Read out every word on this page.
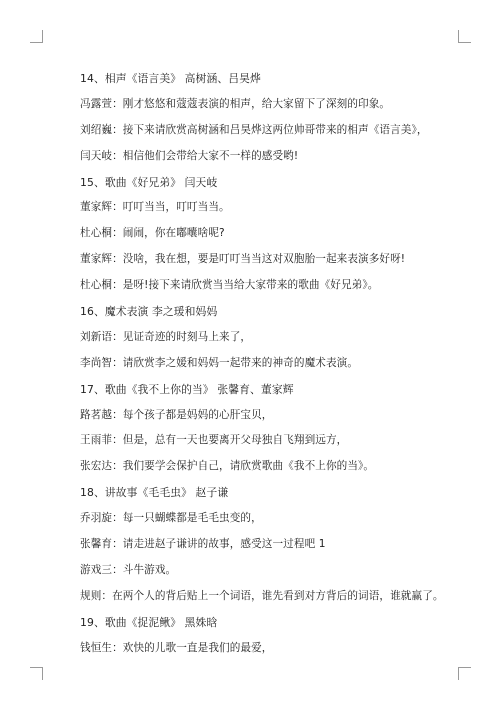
14、相声《语言美》 高树涵、吕昊烨
冯露萱：刚才悠悠和蔻蔻表演的相声，给大家留下了深刻的印象。
刘绍巍：接下来请欣赏高树涵和吕昊烨这两位帅哥带来的相声《语言美》，
闫天岐：相信他们会带给大家不一样的感受哟!
15、歌曲《好兄弟》 闫天岐
董家辉：叮叮当当，叮叮当当。
杜心桐：闹闹，你在嘟囔啥呢?
董家辉：没啥，我在想，要是叮叮当当这对双胞胎一起来表演多好呀!
杜心桐：是呀!接下来请欣赏当当给大家带来的歌曲《好兄弟》。
16、魔术表演 李之瑗和妈妈
刘新语：见证奇迹的时刻马上来了，
李尚智：请欣赏李之媛和妈妈一起带来的神奇的魔术表演。
17、歌曲《我不上你的当》 张馨育、董家辉
路茗越：每个孩子都是妈妈的心肝宝贝，
王雨菲：但是，总有一天也要离开父母独自飞翔到远方，
张宏达：我们要学会保护自己，请欣赏歌曲《我不上你的当》。
18、讲故事《毛毛虫》 赵子谦
乔羽旋：每一只蝴蝶都是毛毛虫变的，
张馨育：请走进赵子谦讲的故事，感受这一过程吧 1
游戏三：斗牛游戏。
规则：在两个人的背后贴上一个词语，谁先看到对方背后的词语，谁就赢了。
19、歌曲《捉泥鳅》 黑姝晗
钱恒生：欢快的儿歌一直是我们的最爱，
